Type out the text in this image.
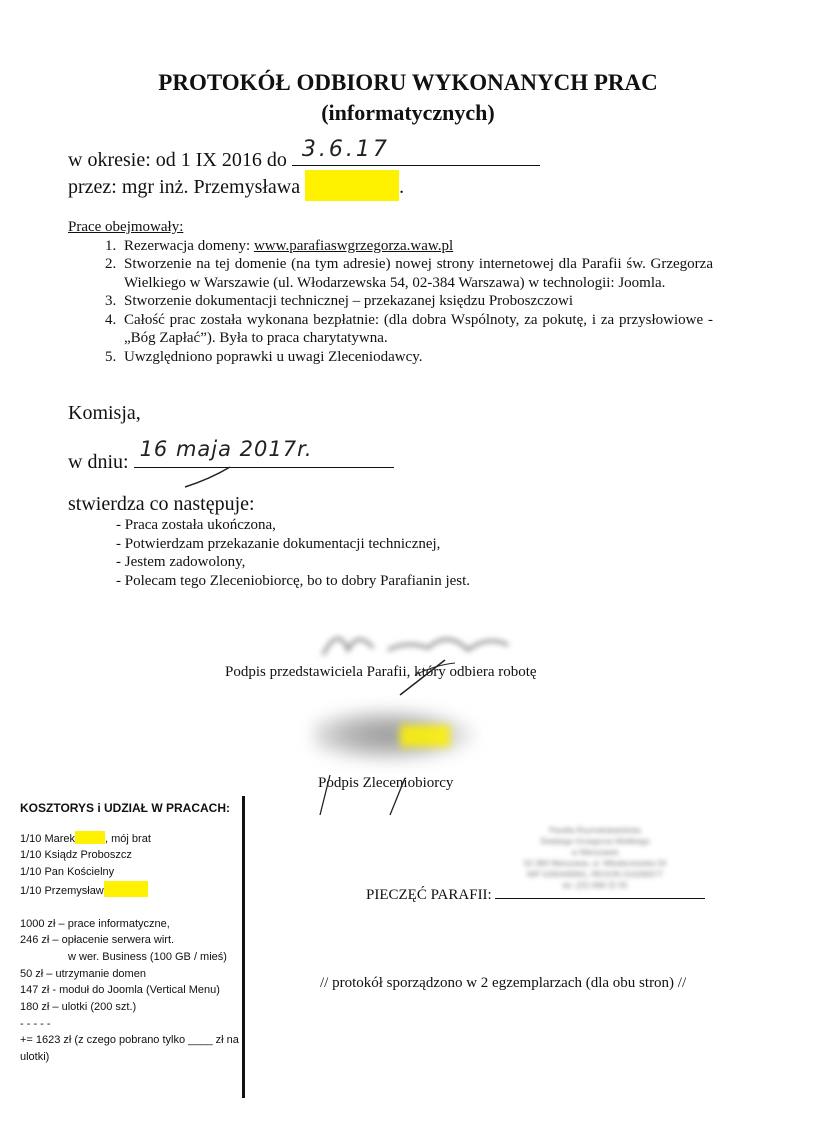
PROTOKÓŁ ODBIORU WYKONANYCH PRAC
(informatycznych)
w okresie: od 1 IX 2016 do 3.6.17
przez: mgr inż. Przemysława	.
Prace obejmowały:
1. Rezerwacja domeny: www.parafiaswgrzegorza.waw.pl
2. Stworzenie na tej domenie (na tym adresie) nowej strony internetowej dla Parafii św. Grzegorza Wielkiego w Warszawie (ul. Włodarzewska 54, 02-384 Warszawa) w technologii: Joomla.
3. Stworzenie dokumentacji technicznej – przekazanej księdzu Proboszczowi
4. Całość prac została wykonana bezpłatnie: (dla dobra Wspólnoty, za pokutę, i za przysłowiowe - „Bóg Zapłać”). Była to praca charytatywna.
5. Uwzględniono poprawki u uwagi Zleceniodawcy.
Komisja,
w dniu:
16 maja 2017r.
stwierdza co następuje:
- Praca została ukończona,
- Potwierdzam przekazanie dokumentacji technicznej,
- Jestem zadowolony,
- Polecam tego Zleceniobiorcę, bo to dobry Parafianin jest.
Podpis przedstawiciela Parafii, który odbiera robotę
Podpis Zleceniobiorcy
Parafia Rzymskokatolicka
Świętego Grzegorza Wielkiego
w Warszawie
02-384 Warszawa, ul. Włodarzewska 54
NIP 5260449061, REGON 010290577
tel. (22) 668 22 55
PIECZĘĆ PARAFII:
// protokół sporządzono w 2 egzemplarzach (dla obu stron) //
KOSZTORYS i UDZIAŁ W PRACACH:
1/10 Marek	, mój brat
1/10 Ksiądz Proboszcz
1/10 Pan Kościelny
1/10 Przemysław
1000 zł – prace informatyczne,
246 zł – opłacenie serwera wirt.
w wer. Business (100 GB / mieś)
50 zł – utrzymanie domen
147 zł - moduł do Joomla (Vertical Menu)
180 zł – ulotki (200 szt.)
- - - - -
+= 1623 zł (z czego pobrano tylko ____ zł na
ulotki)
